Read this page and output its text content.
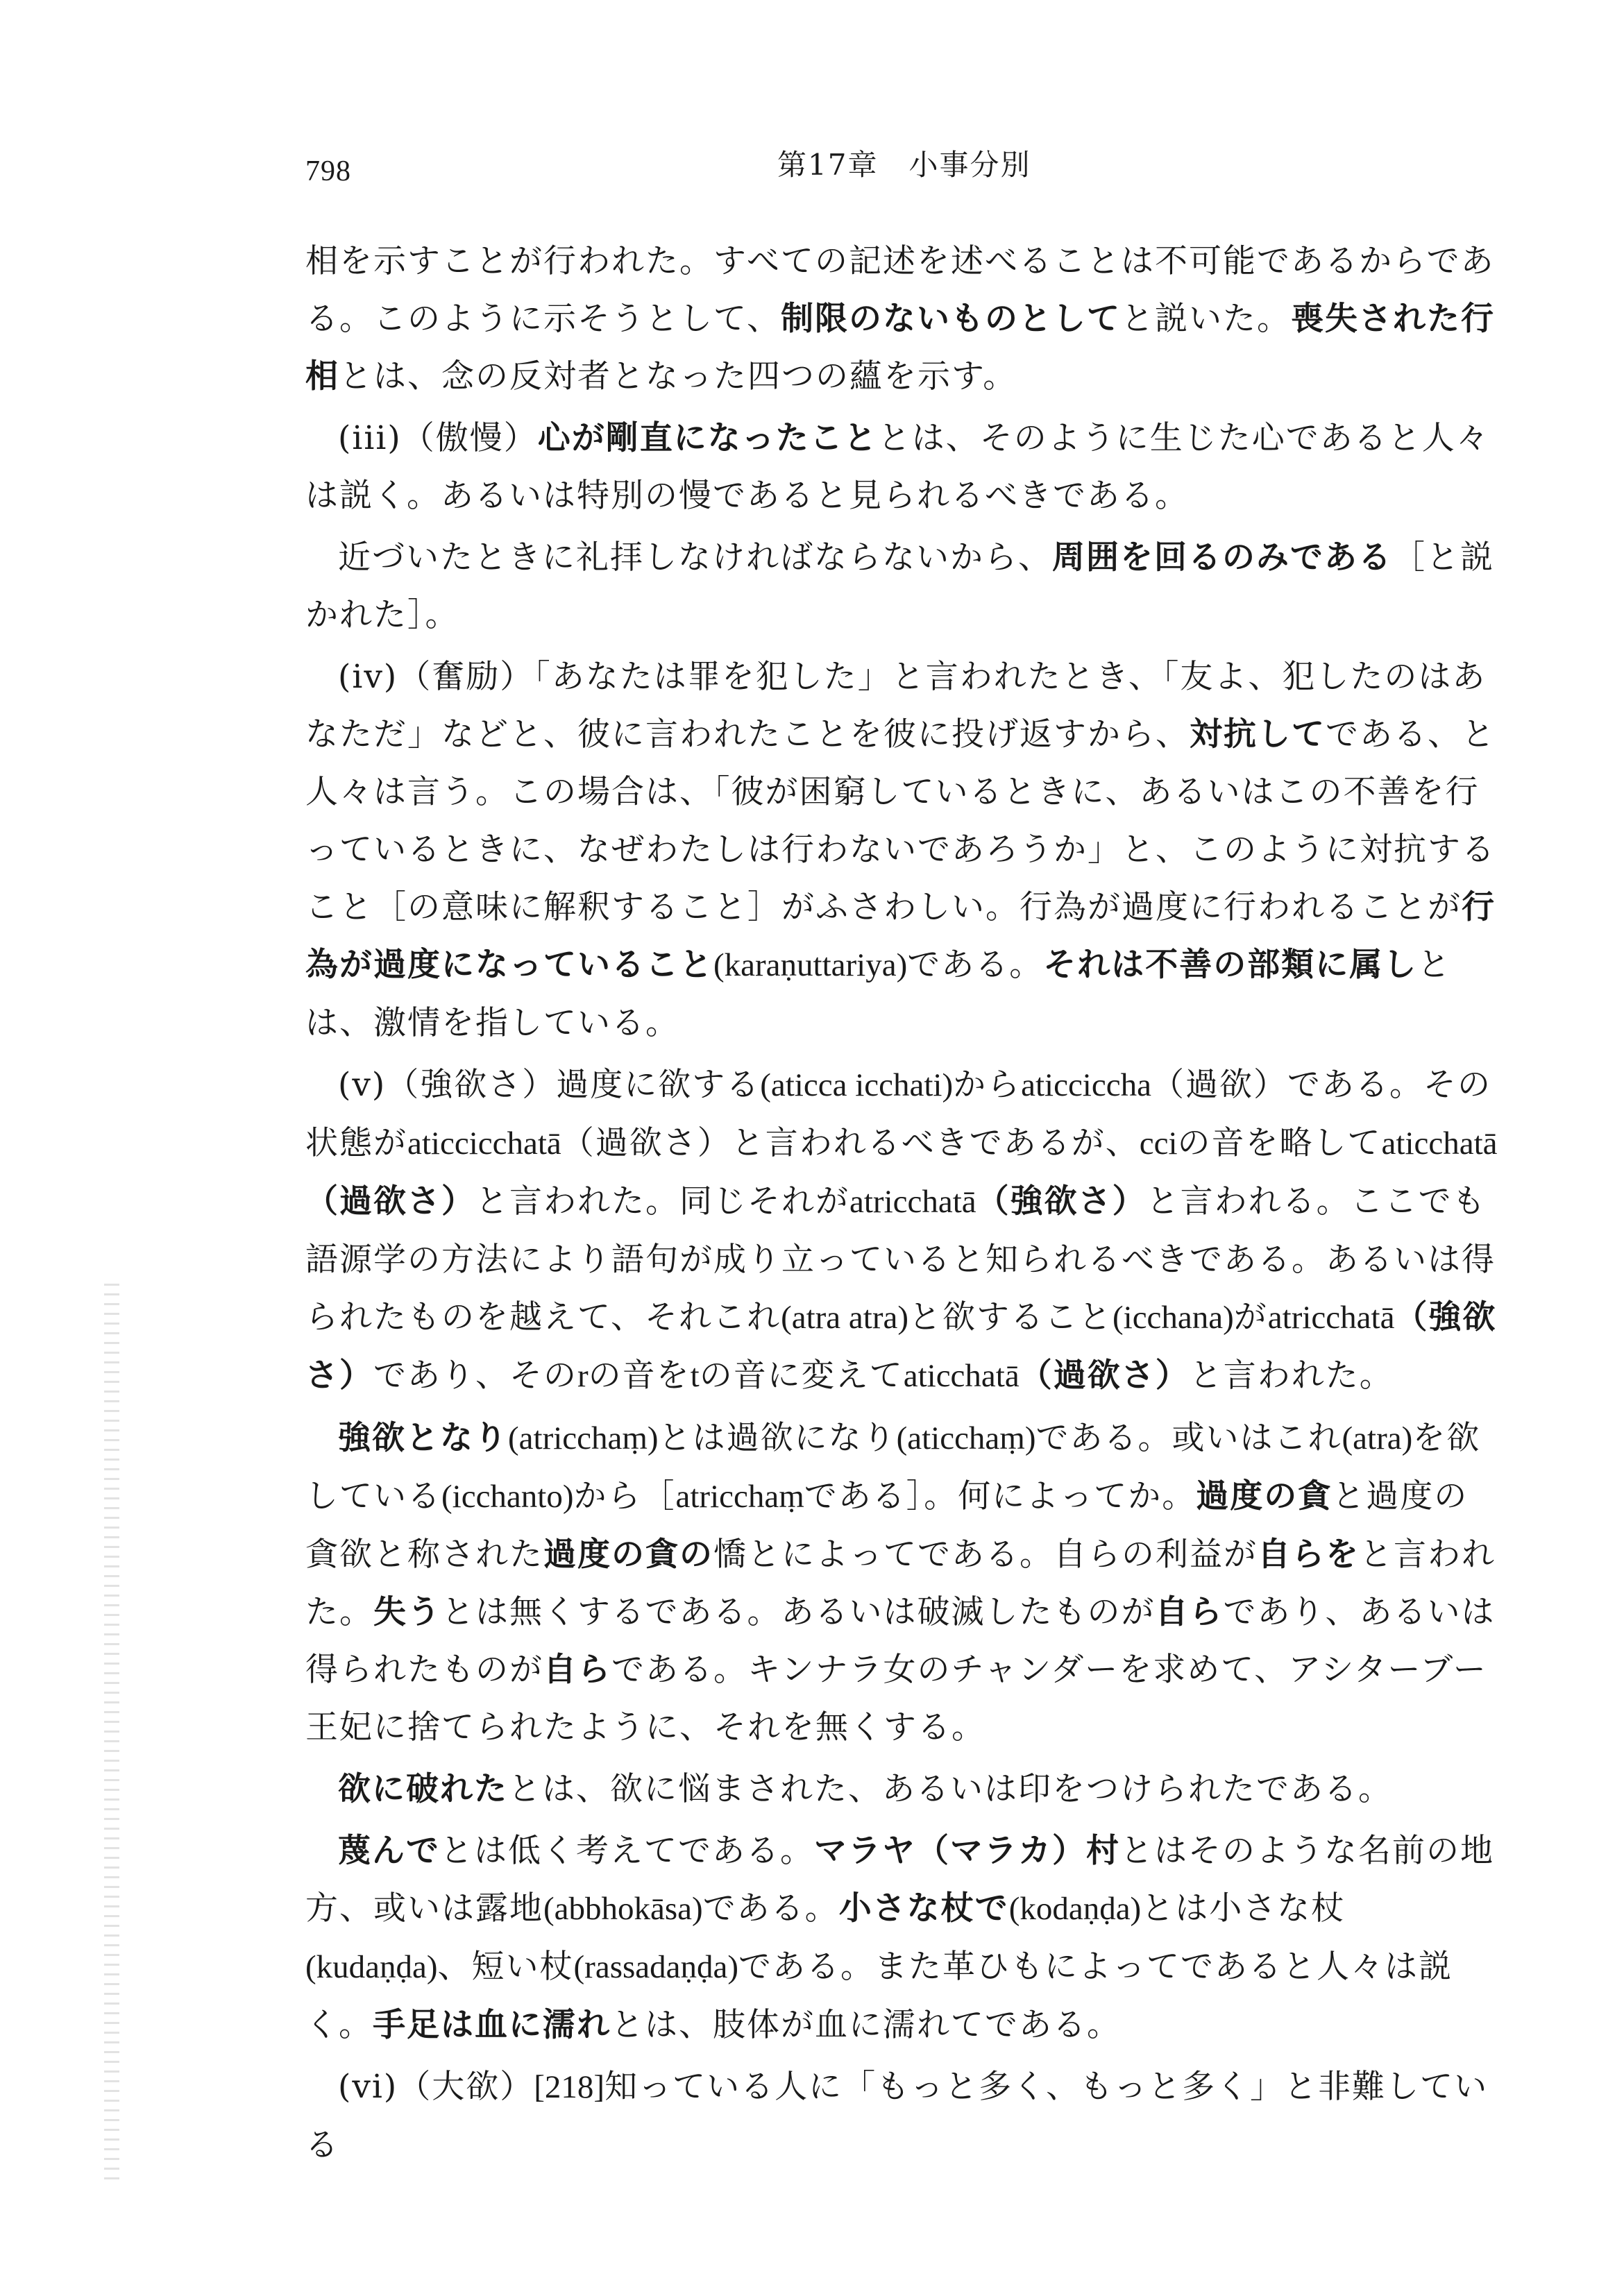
798	第17章　小事分別

相を示すことが行われた。すべての記述を述べることは不可能であるからである。このように示そうとして、制限のないものとしてと説いた。喪失された行相とは、念の反対者となった四つの蘊を示す。

(iii)（傲慢）心が剛直になったこととは、そのように生じた心であると人々は説く。あるいは特別の慢であると見られるべきである。

近づいたときに礼拝しなければならないから、周囲を回るのみである［と説かれた］。

(iv)（奮励）「あなたは罪を犯した」と言われたとき、「友よ、犯したのはあなただ」などと、彼に言われたことを彼に投げ返すから、対抗してである、と人々は言う。この場合は、「彼が困窮しているときに、あるいはこの不善を行っているときに、なぜわたしは行わないであろうか」と、このように対抗すること［の意味に解釈すること］がふさわしい。行為が過度に行われることが行為が過度になっていること(karaṇuttariya)である。それは不善の部類に属しとは、激情を指している。

(v)（強欲さ）過度に欲する(aticca icchati)からaticciccha（過欲）である。その状態がaticcicchatā（過欲さ）と言われるべきであるが、cciの音を略してaticchatā（過欲さ）と言われた。同じそれがatricchatā（強欲さ）と言われる。ここでも語源学の方法により語句が成り立っていると知られるべきである。あるいは得られたものを越えて、それこれ(atra atra)と欲すること(icchana)がatricchatā（強欲さ）であり、そのrの音をtの音に変えてaticchatā（過欲さ）と言われた。

強欲となり(atricchaṃ)とは過欲になり(aticchaṃ)である。或いはこれ(atra)を欲している(icchanto)から［atricchaṃである］。何によってか。過度の貪と過度の貪欲と称された過度の貪の憍とによってである。自らの利益が自らをと言われた。失うとは無くするである。あるいは破滅したものが自らであり、あるいは得られたものが自らである。キンナラ女のチャンダーを求めて、アシターブー王妃に捨てられたように、それを無くする。

欲に破れたとは、欲に悩まされた、あるいは印をつけられたである。

蔑んでとは低く考えてである。マラヤ（マラカ）村とはそのような名前の地方、或いは露地(abbhokāsa)である。小さな杖で(kodaṇḍa)とは小さな杖(kudaṇḍa)、短い杖(rassadaṇḍa)である。また革ひもによってであると人々は説く。手足は血に濡れとは、肢体が血に濡れてである。

(vi)（大欲）[218]知っている人に「もっと多く、もっと多く」と非難している
